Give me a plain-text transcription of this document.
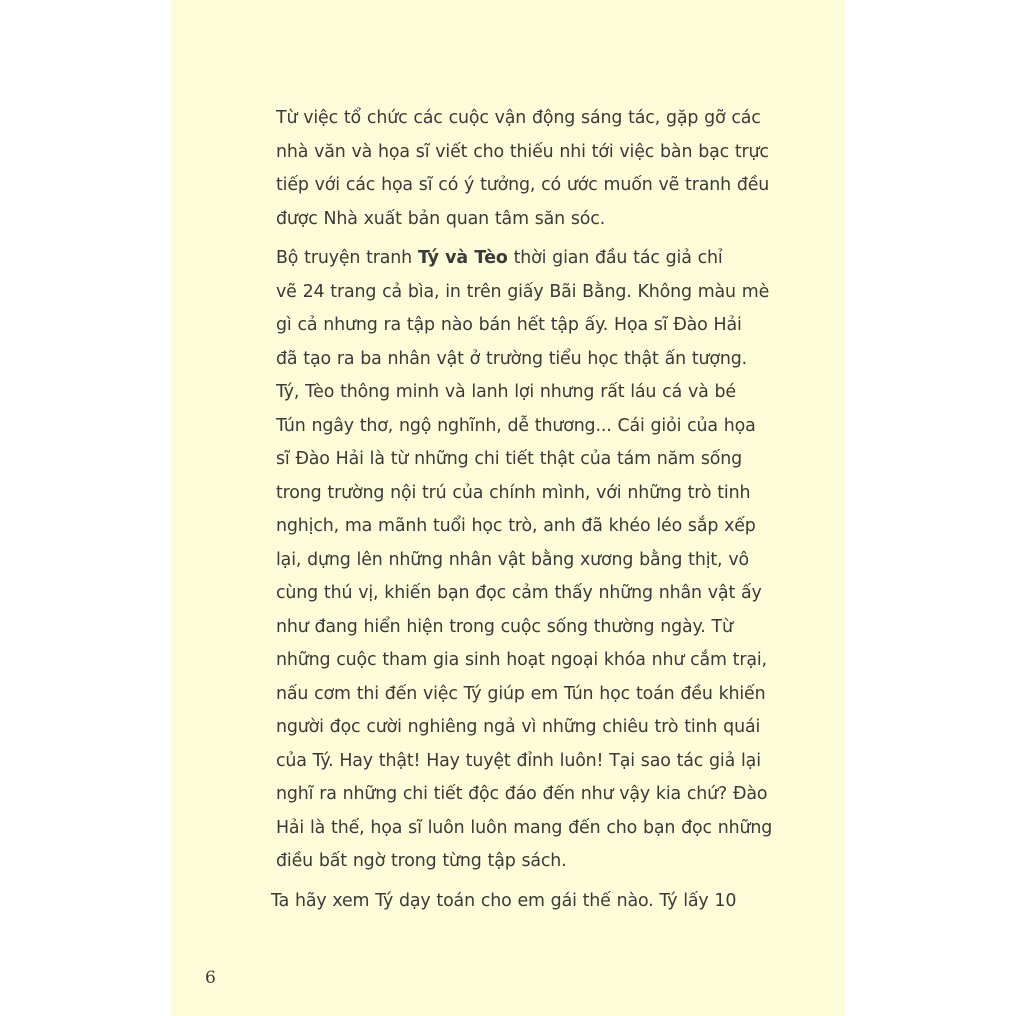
Từ việc tổ chức các cuộc vận động sáng tác, gặp gỡ các
nhà văn và họa sĩ viết cho thiếu nhi tới việc bàn bạc trực
tiếp với các họa sĩ có ý tưởng, có ước muốn vẽ tranh đều
được Nhà xuất bản quan tâm săn sóc.

Bộ truyện tranh Tý và Tèo thời gian đầu tác giả chỉ
vẽ 24 trang cả bìa, in trên giấy Bãi Bằng. Không màu mè
gì cả nhưng ra tập nào bán hết tập ấy. Họa sĩ Đào Hải
đã tạo ra ba nhân vật ở trường tiểu học thật ấn tượng.
Tý, Tèo thông minh và lanh lợi nhưng rất láu cá và bé
Tún ngây thơ, ngộ nghĩnh, dễ thương... Cái giỏi của họa
sĩ Đào Hải là từ những chi tiết thật của tám năm sống
trong trường nội trú của chính mình, với những trò tinh
nghịch, ma mãnh tuổi học trò, anh đã khéo léo sắp xếp
lại, dựng lên những nhân vật bằng xương bằng thịt, vô
cùng thú vị, khiến bạn đọc cảm thấy những nhân vật ấy
như đang hiển hiện trong cuộc sống thường ngày. Từ
những cuộc tham gia sinh hoạt ngoại khóa như cắm trại,
nấu cơm thi đến việc Tý giúp em Tún học toán đều khiến
người đọc cười nghiêng ngả vì những chiêu trò tinh quái
của Tý. Hay thật! Hay tuyệt đỉnh luôn! Tại sao tác giả lại
nghĩ ra những chi tiết độc đáo đến như vậy kia chứ? Đào
Hải là thế, họa sĩ luôn luôn mang đến cho bạn đọc những
điều bất ngờ trong từng tập sách.

Ta hãy xem Tý dạy toán cho em gái thế nào. Tý lấy 10

6
